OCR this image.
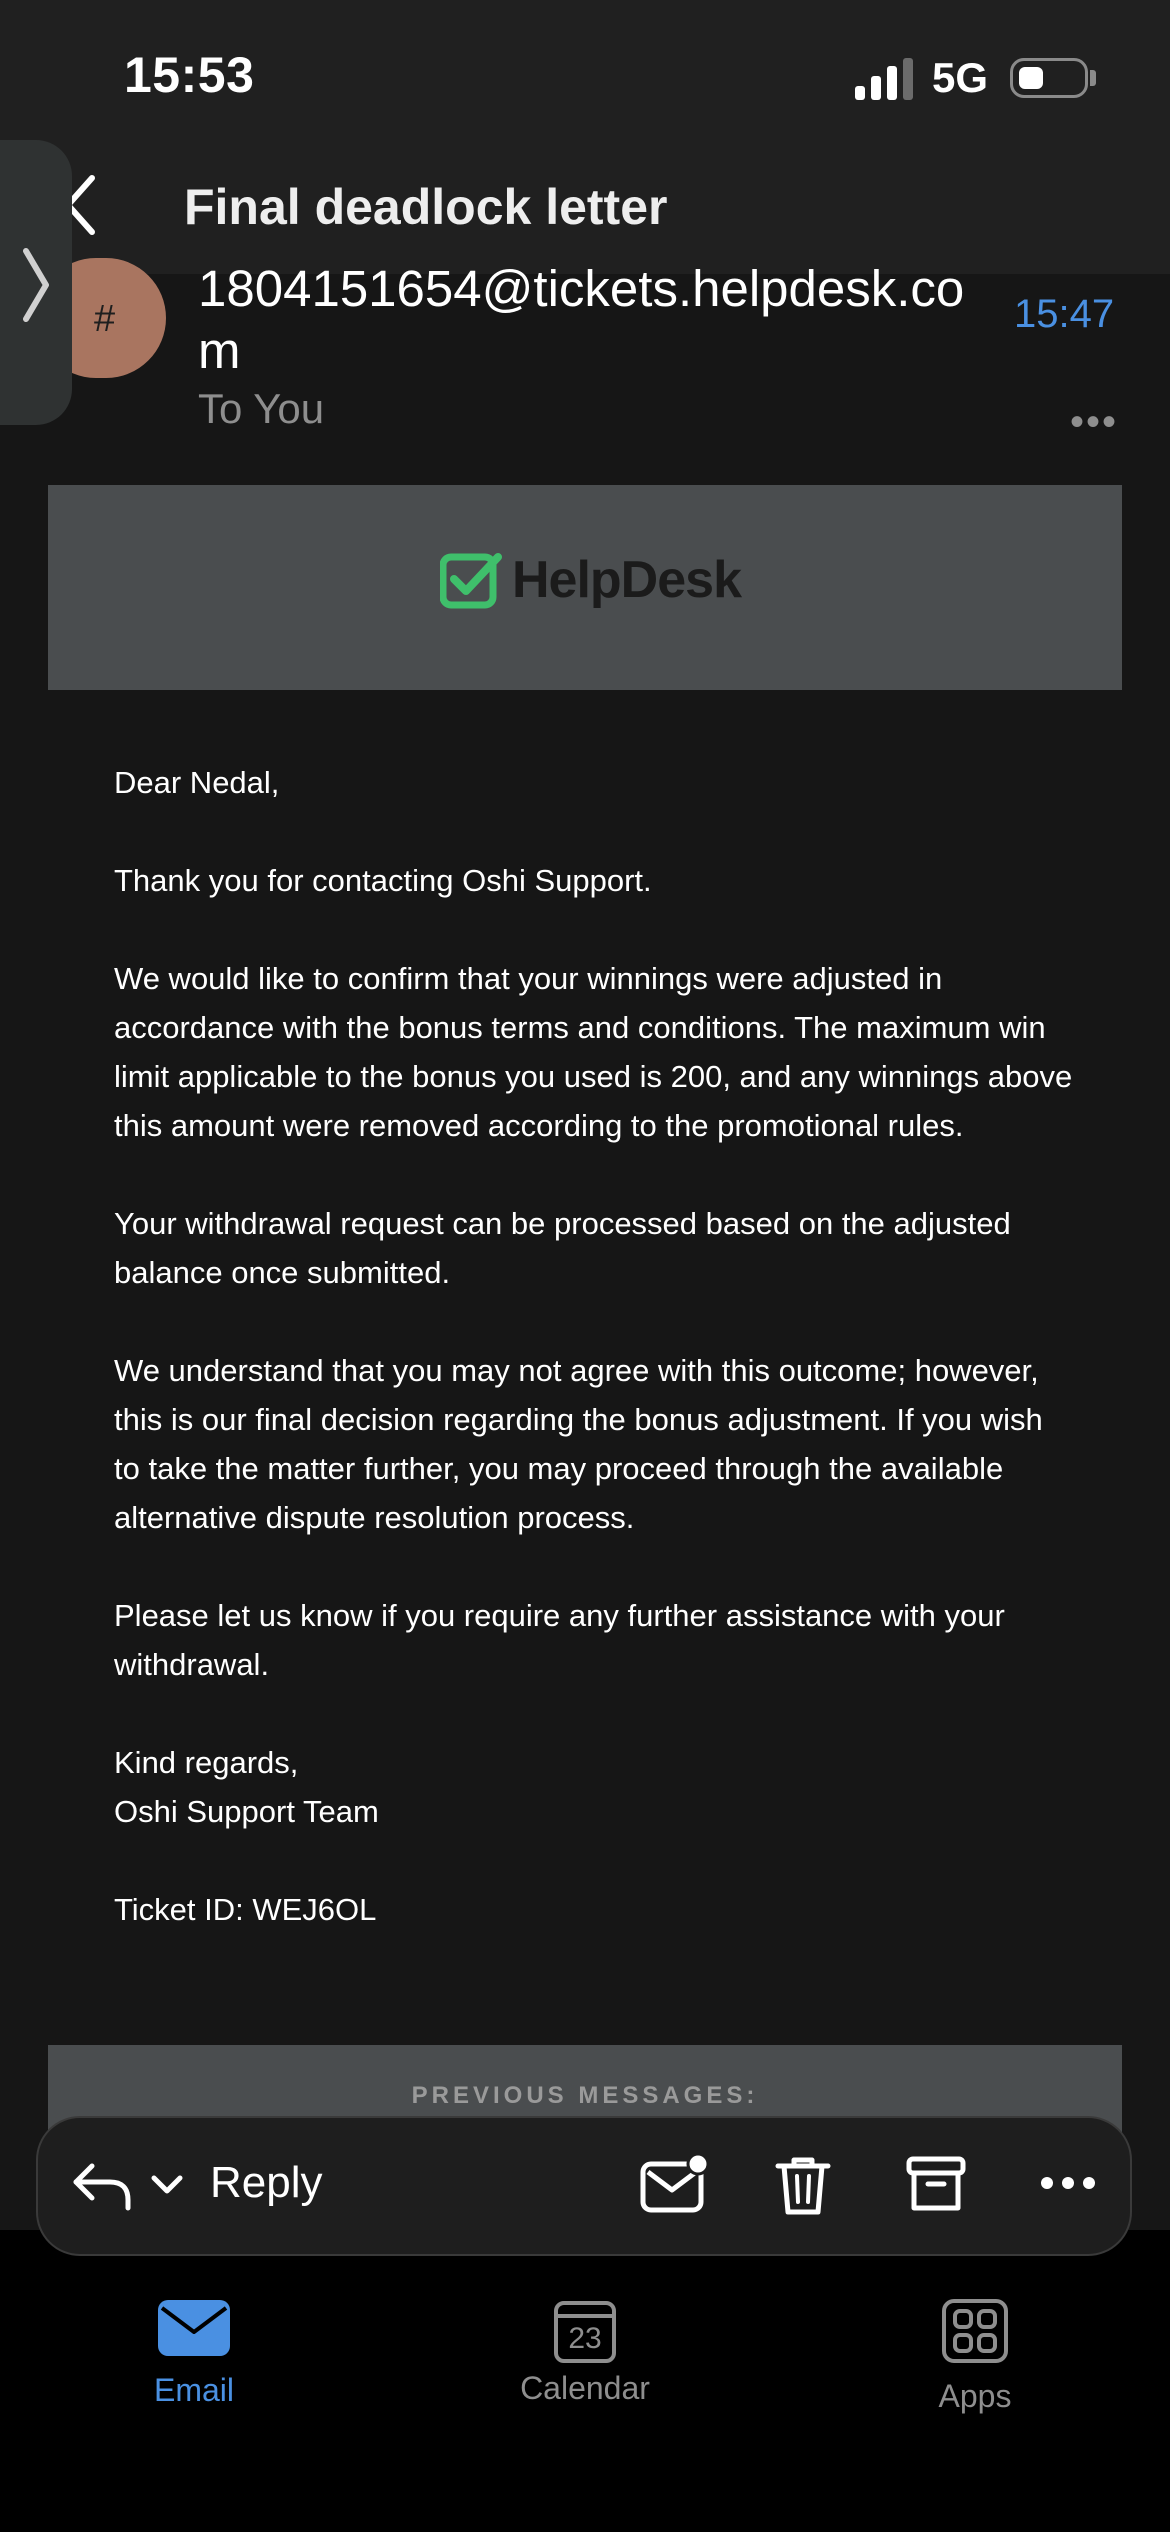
15:53	5G
Final deadlock letter
#
1804151654@tickets.helpdesk.com
15:47
To You	•••
HelpDesk

Dear Nedal,

Thank you for contacting Oshi Support.

We would like to confirm that your winnings were adjusted in accordance with the bonus terms and conditions. The maximum win limit applicable to the bonus you used is 200, and any winnings above this amount were removed according to the promotional rules.

Your withdrawal request can be processed based on the adjusted balance once submitted.

We understand that you may not agree with this outcome; however, this is our final decision regarding the bonus adjustment. If you wish to take the matter further, you may proceed through the available alternative dispute resolution process.

Please let us know if you require any further assistance with your withdrawal.

Kind regards,
Oshi Support Team
Ticket ID: WEJ6OL
PREVIOUS MESSAGES:
Email
23
Calendar	Apps
Reply
